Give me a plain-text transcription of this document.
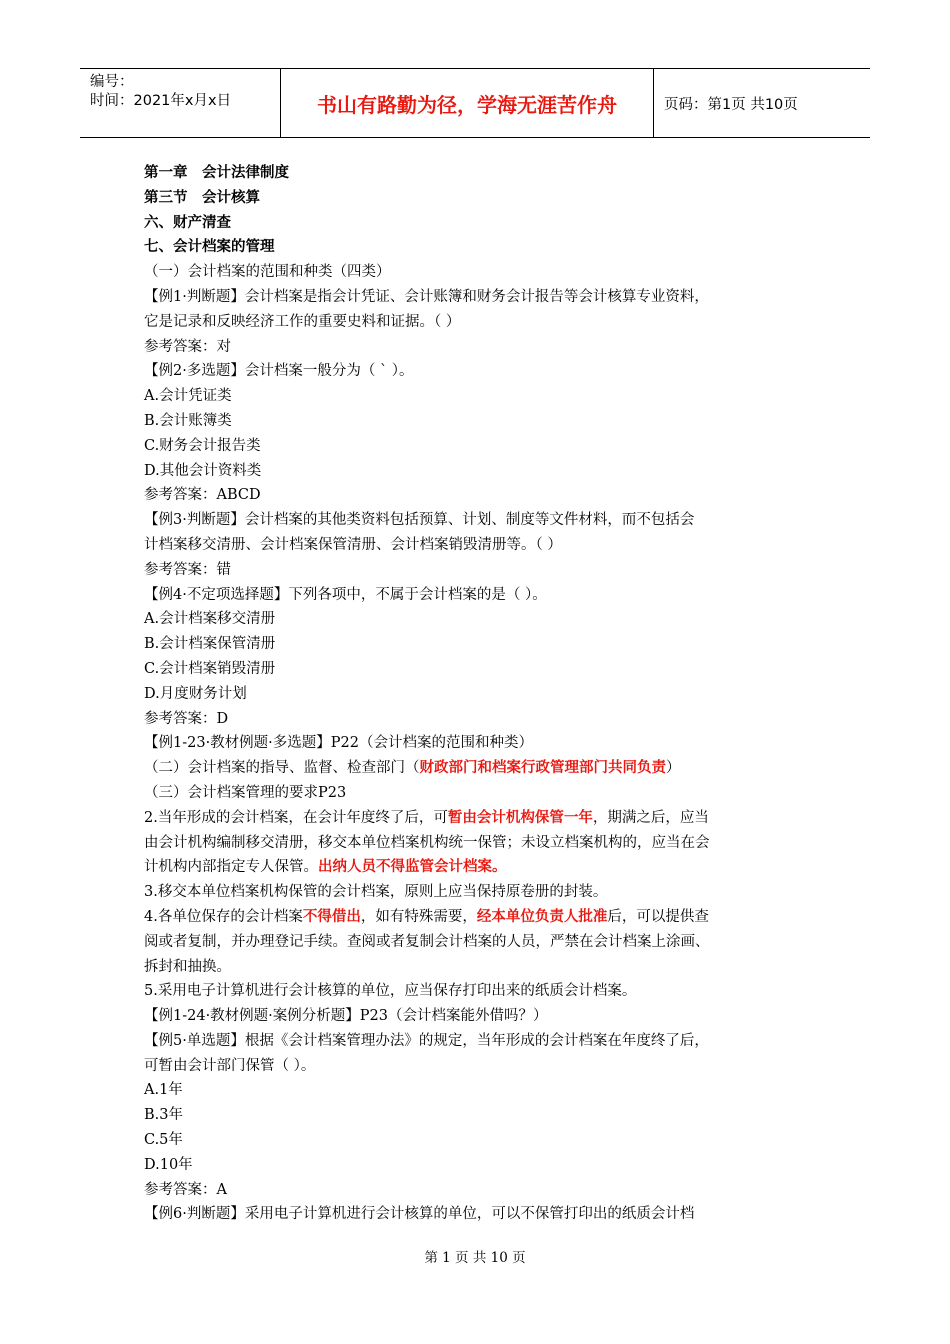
编号：
时间：2021年x月x日	书山有路勤为径，学海无涯苦作舟	页码：第1页 共10页

第一章　会计法律制度

第三节　会计核算

六、财产清查

七、会计档案的管理

（一）会计档案的范围和种类（四类）

【例1·判断题】会计档案是指会计凭证、会计账簿和财务会计报告等会计核算专业资料，

它是记录和反映经济工作的重要史料和证据。（ ）

参考答案：对

【例2·多选题】会计档案一般分为（ ` ）。

A.会计凭证类

B.会计账簿类

C.财务会计报告类

D.其他会计资料类

参考答案：ABCD

【例3·判断题】会计档案的其他类资料包括预算、计划、制度等文件材料，而不包括会

计档案移交清册、会计档案保管清册、会计档案销毁清册等。（ ）

参考答案：错

【例4·不定项选择题】下列各项中，不属于会计档案的是（ ）。

A.会计档案移交清册

B.会计档案保管清册

C.会计档案销毁清册

D.月度财务计划

参考答案：D

【例1-23·教材例题·多选题】P22（会计档案的范围和种类）

（二）会计档案的指导、监督、检查部门（财政部门和档案行政管理部门共同负责）

（三）会计档案管理的要求P23

2.当年形成的会计档案，在会计年度终了后，可暂由会计机构保管一年，期满之后，应当

由会计机构编制移交清册，移交本单位档案机构统一保管；未设立档案机构的，应当在会

计机构内部指定专人保管。出纳人员不得监管会计档案。

3.移交本单位档案机构保管的会计档案，原则上应当保持原卷册的封装。

4.各单位保存的会计档案不得借出，如有特殊需要，经本单位负责人批准后，可以提供查

阅或者复制，并办理登记手续。查阅或者复制会计档案的人员，严禁在会计档案上涂画、

拆封和抽换。

5.采用电子计算机进行会计核算的单位，应当保存打印出来的纸质会计档案。

【例1-24·教材例题·案例分析题】P23（会计档案能外借吗？）

【例5·单选题】根据《会计档案管理办法》的规定，当年形成的会计档案在年度终了后，

可暂由会计部门保管（ ）。

A.1年

B.3年

C.5年

D.10年

参考答案：A

【例6·判断题】采用电子计算机进行会计核算的单位，可以不保管打印出的纸质会计档

第 1 页 共 10 页
